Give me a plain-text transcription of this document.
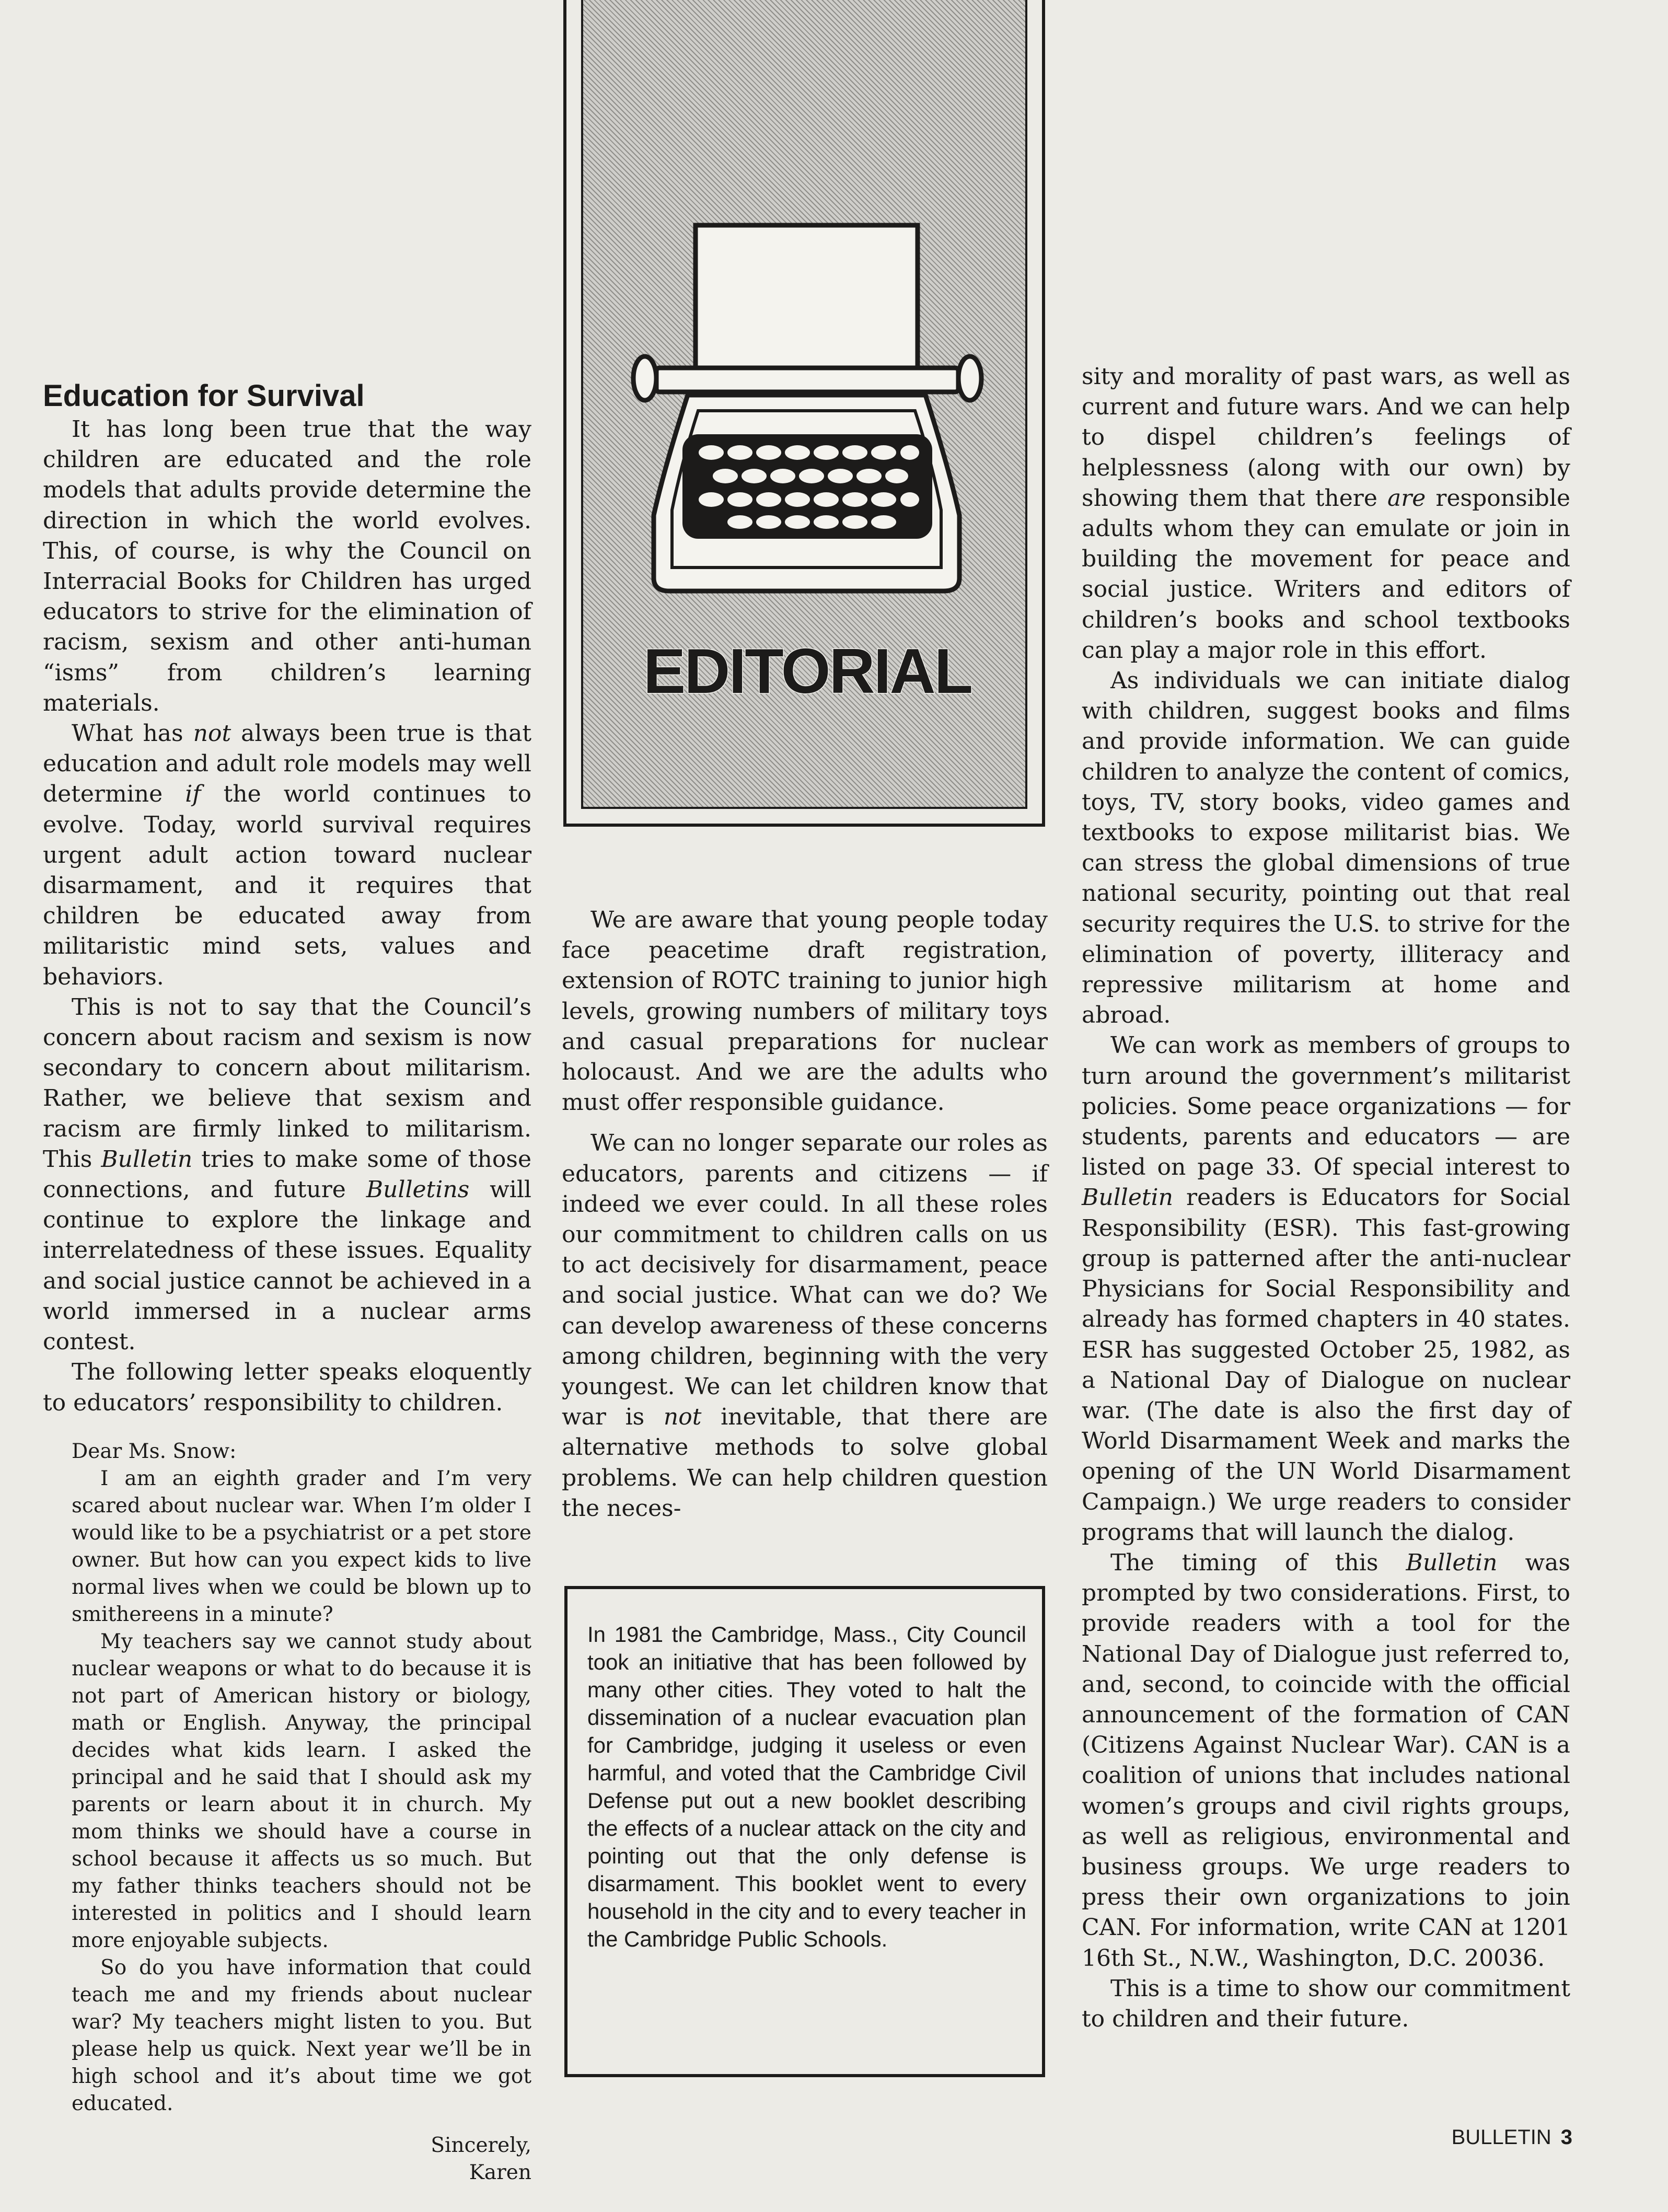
Education for Survival

It has long been true that the way children are educated and the role models that adults provide determine the direction in which the world evolves. This, of course, is why the Council on Interracial Books for Children has urged educators to strive for the elimination of racism, sexism and other anti-human “isms” from children’s learning materials.

What has not always been true is that education and adult role models may well determine if the world continues to evolve. Today, world survival requires urgent adult action toward nuclear disarmament, and it requires that children be educated away from militaristic mind sets, values and behaviors.

This is not to say that the Council’s concern about racism and sexism is now secondary to concern about militarism. Rather, we believe that sexism and racism are firmly linked to militarism. This Bulletin tries to make some of those connections, and future Bulletins will continue to explore the linkage and interrelatedness of these issues. Equality and social justice cannot be achieved in a world immersed in a nuclear arms contest.

The following letter speaks eloquently to educators’ responsibility to children.

Dear Ms. Snow:

I am an eighth grader and I’m very scared about nuclear war. When I’m older I would like to be a psychiatrist or a pet store owner. But how can you expect kids to live normal lives when we could be blown up to smithereens in a minute?

My teachers say we cannot study about nuclear weapons or what to do because it is not part of American history or biology, math or English. Anyway, the principal decides what kids learn. I asked the principal and he said that I should ask my parents or learn about it in church. My mom thinks we should have a course in school because it affects us so much. But my father thinks teachers should not be interested in politics and I should learn more enjoyable subjects.

So do you have information that could teach me and my friends about nuclear war? My teachers might listen to you. But please help us quick. Next year we’ll be in high school and it’s about time we got educated.

Sincerely,

Karen

EDITORIAL

We are aware that young people today face peacetime draft registration, extension of ROTC training to junior high levels, growing numbers of military toys and casual preparations for nuclear holocaust. And we are the adults who must offer responsible guidance.

We can no longer separate our roles as educators, parents and citizens — if indeed we ever could. In all these roles our commitment to children calls on us to act decisively for disarmament, peace and social justice. What can we do? We can develop awareness of these concerns among children, beginning with the very youngest. We can let children know that war is not inevitable, that there are alternative methods to solve global problems. We can help children question the neces-

In 1981 the Cambridge, Mass., City Council took an initiative that has been followed by many other cities. They voted to halt the dissemination of a nuclear evacuation plan for Cambridge, judging it useless or even harmful, and voted that the Cambridge Civil Defense put out a new booklet describing the effects of a nuclear attack on the city and pointing out that the only defense is disarmament. This booklet went to every household in the city and to every teacher in the Cambridge Public Schools.

sity and morality of past wars, as well as current and future wars. And we can help to dispel children’s feelings of helplessness (along with our own) by showing them that there are responsible adults whom they can emulate or join in building the movement for peace and social justice. Writers and editors of children’s books and school textbooks can play a major role in this effort.

As individuals we can initiate dialog with children, suggest books and films and provide information. We can guide children to analyze the content of comics, toys, TV, story books, video games and textbooks to expose militarist bias. We can stress the global dimensions of true national security, pointing out that real security requires the U.S. to strive for the elimination of poverty, illiteracy and repressive militarism at home and abroad.

We can work as members of groups to turn around the government’s militarist policies. Some peace organizations — for students, parents and educators — are listed on page 33. Of special interest to Bulletin readers is Educators for Social Responsibility (ESR). This fast-growing group is patterned after the anti-nuclear Physicians for Social Responsibility and already has formed chapters in 40 states. ESR has suggested October 25, 1982, as a National Day of Dialogue on nuclear war. (The date is also the first day of World Disarmament Week and marks the opening of the UN World Disarmament Campaign.) We urge readers to consider programs that will launch the dialog.

The timing of this Bulletin was prompted by two considerations. First, to provide readers with a tool for the National Day of Dialogue just referred to, and, second, to coincide with the official announcement of the formation of CAN (Citizens Against Nuclear War). CAN is a coalition of unions that includes national women’s groups and civil rights groups, as well as religious, environmental and business groups. We urge readers to press their own organizations to join CAN. For information, write CAN at 1201 16th St., N.W., Washington, D.C. 20036.

This is a time to show our commitment to children and their future.

BULLETIN 3
